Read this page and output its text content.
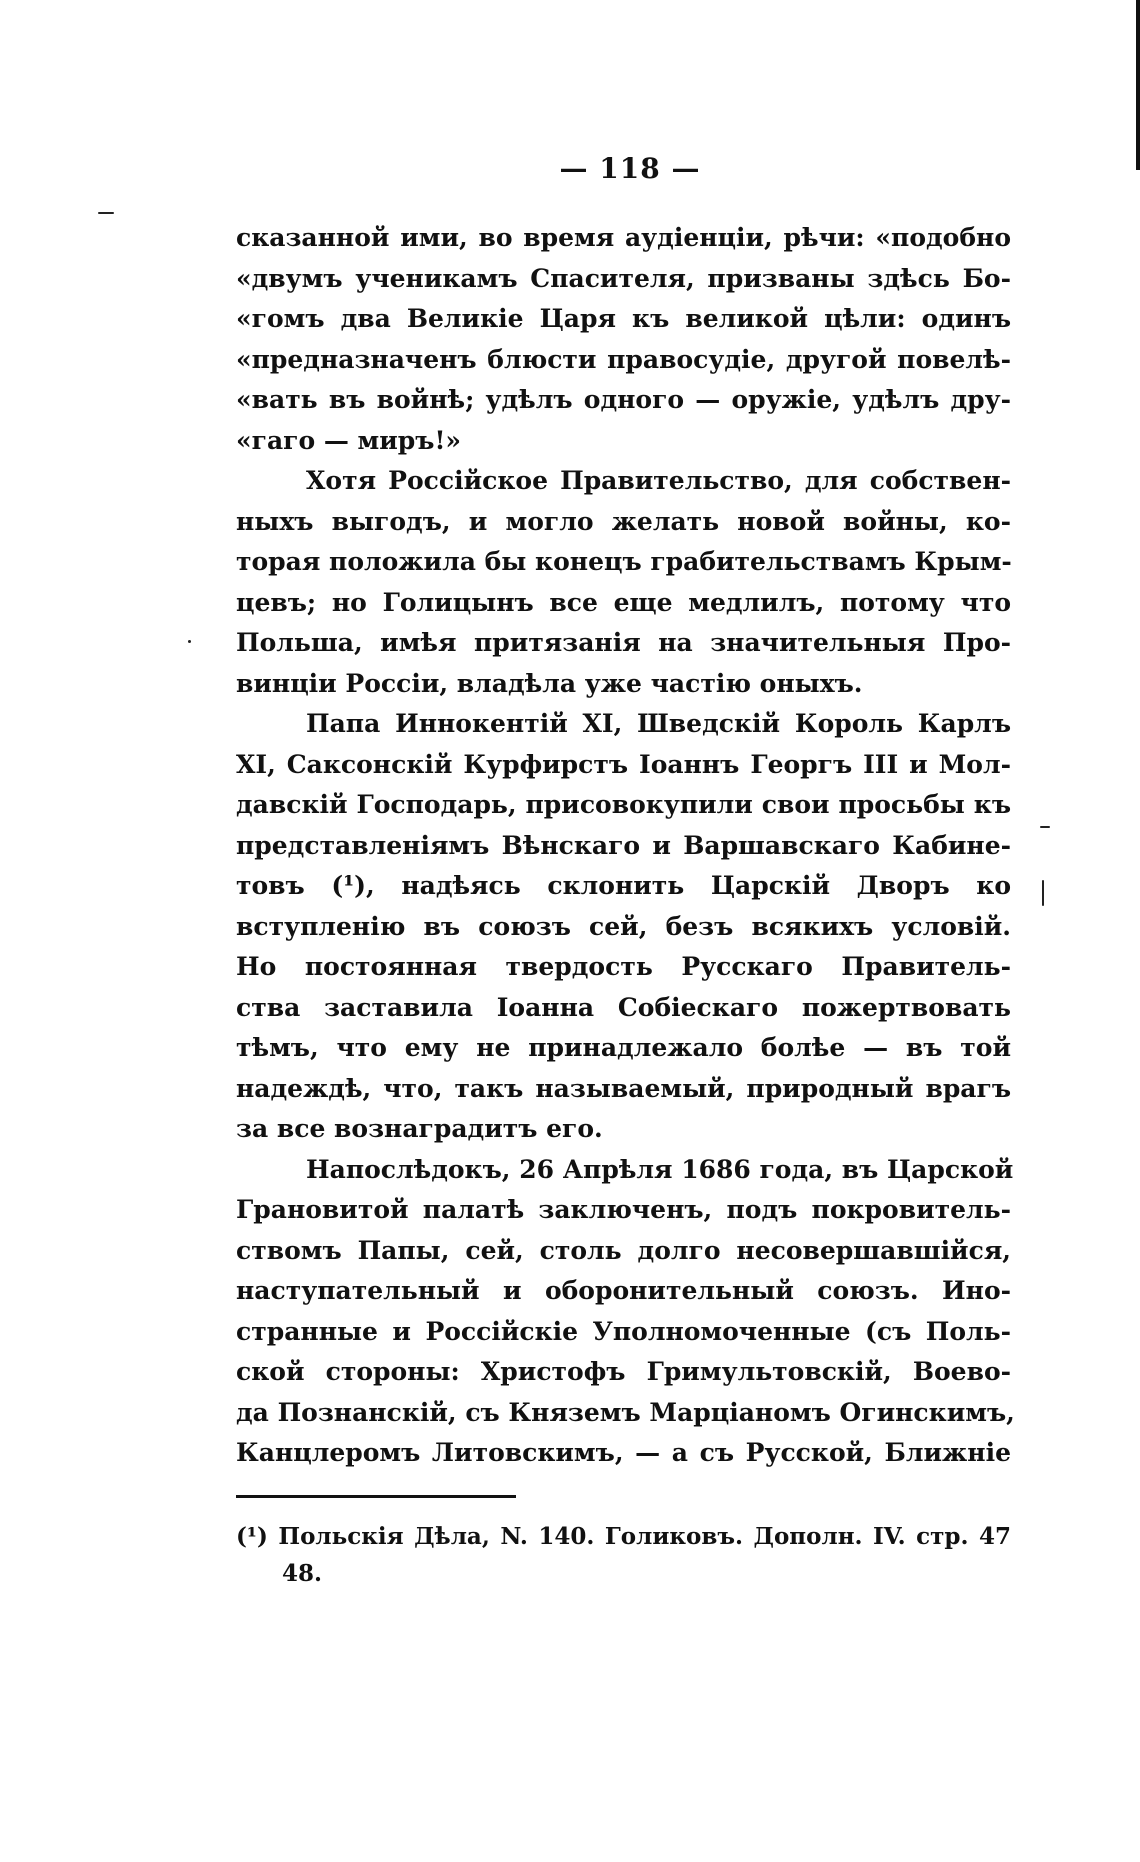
— 118 —
сказанной ими, во время аудіенціи, рѣчи: «подобно
«двумъ ученикамъ Спасителя, призваны здѣсь Бо-
«гомъ два Великіе Царя къ великой цѣли: одинъ
«предназначенъ блюсти правосудіе, другой повелѣ-
«вать въ войнѣ; удѣлъ одного — оружіе, удѣлъ дру-
«гаго — миръ!»
Хотя Россійское Правительство, для собствен-
ныхъ выгодъ, и могло желать новой войны, ко-
торая положила бы конецъ грабительствамъ Крым-
цевъ; но Голицынъ все еще медлилъ, потому что
Польша, имѣя притязанія на значительныя Про-
винціи Россіи, владѣла уже частію оныхъ.
Папа Иннокентій XI, Шведскій Король Карлъ
XI, Саксонскій Курфирстъ Іоаннъ Георгъ III и Мол-
давскій Господарь, присовокупили свои просьбы къ
представленіямъ Вѣнскаго и Варшавскаго Кабине-
товъ (¹), надѣясь склонить Царскій Дворъ ко
вступленію въ союзъ сей, безъ всякихъ условій.
Но постоянная твердость Русскаго Правитель-
ства заставила Іоанна Собіескаго пожертвовать
тѣмъ, что ему не принадлежало болѣе — въ той
надеждѣ, что, такъ называемый, природный врагъ
за все вознаградитъ его.
Напослѣдокъ, 26 Апрѣля 1686 года, въ Царской
Грановитой палатѣ заключенъ, подъ покровитель-
ствомъ Папы, сей, столь долго несовершавшійся,
наступательный и оборонительный союзъ. Ино-
странные и Россійскіе Уполномоченные (съ Поль-
ской стороны: Христофъ Гримультовскій, Воево-
да Познанскій, съ Княземъ Марціаномъ Огинскимъ,
Канцлеромъ Литовскимъ, — а съ Русской, Ближніе
(¹) Польскія Дѣла, N. 140. Голиковъ. Дополн. IV. стр. 47
48.
